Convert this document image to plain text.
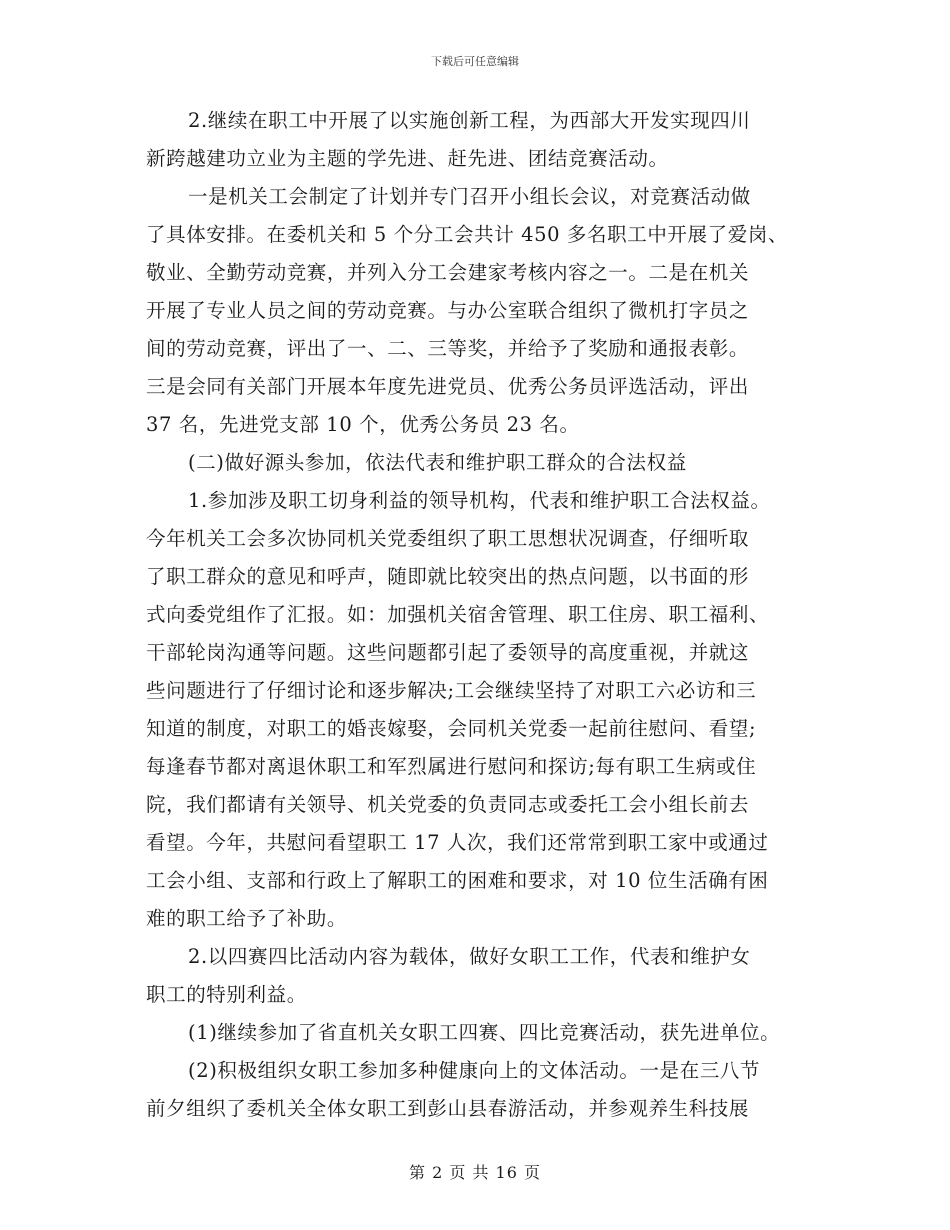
下载后可任意编辑
2.继续在职工中开展了以实施创新工程，为西部大开发实现四川
新跨越建功立业为主题的学先进、赶先进、团结竞赛活动。
一是机关工会制定了计划并专门召开小组长会议，对竞赛活动做
了具体安排。在委机关和 5 个分工会共计 450 多名职工中开展了爱岗、
敬业、全勤劳动竞赛，并列入分工会建家考核内容之一。二是在机关
开展了专业人员之间的劳动竞赛。与办公室联合组织了微机打字员之
间的劳动竞赛，评出了一、二、三等奖，并给予了奖励和通报表彰。
三是会同有关部门开展本年度先进党员、优秀公务员评选活动，评出
37 名，先进党支部 10 个，优秀公务员 23 名。
(二)做好源头参加，依法代表和维护职工群众的合法权益
1.参加涉及职工切身利益的领导机构，代表和维护职工合法权益。
今年机关工会多次协同机关党委组织了职工思想状况调查，仔细听取
了职工群众的意见和呼声，随即就比较突出的热点问题，以书面的形
式向委党组作了汇报。如：加强机关宿舍管理、职工住房、职工福利、
干部轮岗沟通等问题。这些问题都引起了委领导的高度重视，并就这
些问题进行了仔细讨论和逐步解决;工会继续坚持了对职工六必访和三
知道的制度，对职工的婚丧嫁娶，会同机关党委一起前往慰问、看望;
每逢春节都对离退休职工和军烈属进行慰问和探访;每有职工生病或住
院，我们都请有关领导、机关党委的负责同志或委托工会小组长前去
看望。今年，共慰问看望职工 17 人次，我们还常常到职工家中或通过
工会小组、支部和行政上了解职工的困难和要求，对 10 位生活确有困
难的职工给予了补助。
2.以四赛四比活动内容为载体，做好女职工工作，代表和维护女
职工的特别利益。
(1)继续参加了省直机关女职工四赛、四比竞赛活动，获先进单位。
(2)积极组织女职工参加多种健康向上的文体活动。一是在三八节
前夕组织了委机关全体女职工到彭山县春游活动，并参观养生科技展
第 2 页 共 16 页
